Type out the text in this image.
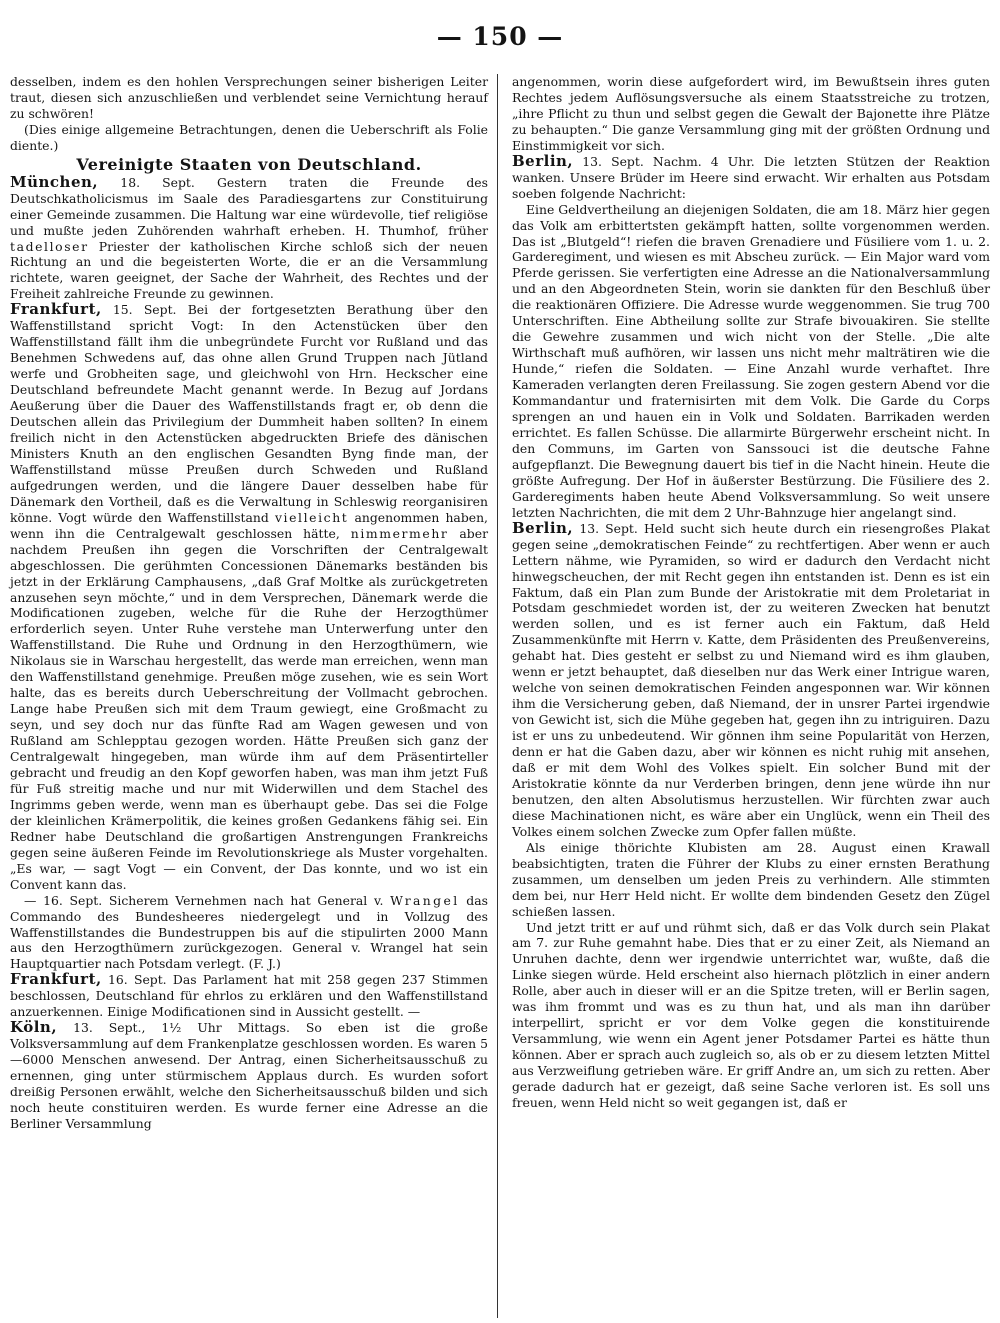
— 150 —

desselben, indem es den hohlen Versprechungen seiner bisherigen Leiter traut, diesen sich anzuschließen und verblendet seine Vernichtung herauf zu schwören!

(Dies einige allgemeine Betrachtungen, denen die Ueberschrift als Folie diente.)

Vereinigte Staaten von Deutschland.

München, 18. Sept. Gestern traten die Freunde des Deutschkatholicismus im Saale des Paradiesgartens zur Constituirung einer Gemeinde zusammen. Die Haltung war eine würdevolle, tief religiöse und mußte jeden Zuhörenden wahrhaft erheben. H. Thumhof, früher tadelloser Priester der katholischen Kirche schloß sich der neuen Richtung an und die begeisterten Worte, die er an die Versammlung richtete, waren geeignet, der Sache der Wahrheit, des Rechtes und der Freiheit zahlreiche Freunde zu gewinnen.

Frankfurt, 15. Sept. Bei der fortgesetzten Berathung über den Waffenstillstand spricht Vogt: In den Actenstücken über den Waffenstillstand fällt ihm die unbegründete Furcht vor Rußland und das Benehmen Schwedens auf, das ohne allen Grund Truppen nach Jütland werfe und Grobheiten sage, und gleichwohl von Hrn. Heckscher eine Deutschland befreundete Macht genannt werde. In Bezug auf Jordans Aeußerung über die Dauer des Waffenstillstands fragt er, ob denn die Deutschen allein das Privilegium der Dummheit haben sollten? In einem freilich nicht in den Actenstücken abgedruckten Briefe des dänischen Ministers Knuth an den englischen Gesandten Byng finde man, der Waffenstillstand müsse Preußen durch Schweden und Rußland aufgedrungen werden, und die längere Dauer desselben habe für Dänemark den Vortheil, daß es die Verwaltung in Schleswig reorganisiren könne. Vogt würde den Waffenstillstand vielleicht angenommen haben, wenn ihn die Centralgewalt geschlossen hätte, nimmermehr aber nachdem Preußen ihn gegen die Vorschriften der Centralgewalt abgeschlossen. Die gerühmten Concessionen Dänemarks beständen bis jetzt in der Erklärung Camphausens, „daß Graf Moltke als zurückgetreten anzusehen seyn möchte,“ und in dem Versprechen, Dänemark werde die Modificationen zugeben, welche für die Ruhe der Herzogthümer erforderlich seyen. Unter Ruhe verstehe man Unterwerfung unter den Waffenstillstand. Die Ruhe und Ordnung in den Herzogthümern, wie Nikolaus sie in Warschau hergestellt, das werde man erreichen, wenn man den Waffenstillstand genehmige. Preußen möge zusehen, wie es sein Wort halte, das es bereits durch Ueberschreitung der Vollmacht gebrochen. Lange habe Preußen sich mit dem Traum gewiegt, eine Großmacht zu seyn, und sey doch nur das fünfte Rad am Wagen gewesen und von Rußland am Schlepptau gezogen worden. Hätte Preußen sich ganz der Centralgewalt hingegeben, man würde ihm auf dem Präsentirteller gebracht und freudig an den Kopf geworfen haben, was man ihm jetzt Fuß für Fuß streitig mache und nur mit Widerwillen und dem Stachel des Ingrimms geben werde, wenn man es überhaupt gebe. Das sei die Folge der kleinlichen Krämerpolitik, die keines großen Gedankens fähig sei. Ein Redner habe Deutschland die großartigen Anstrengungen Frankreichs gegen seine äußeren Feinde im Revolutionskriege als Muster vorgehalten. „Es war, — sagt Vogt — ein Convent, der Das konnte, und wo ist ein Convent kann das.

— 16. Sept. Sicherem Vernehmen nach hat General v. Wrangel das Commando des Bundesheeres niedergelegt und in Vollzug des Waffenstillstandes die Bundestruppen bis auf die stipulirten 2000 Mann aus den Herzogthümern zurückgezogen. General v. Wrangel hat sein Hauptquartier nach Potsdam verlegt. (F. J.)

Frankfurt, 16. Sept. Das Parlament hat mit 258 gegen 237 Stimmen beschlossen, Deutschland für ehrlos zu erklären und den Waffenstillstand anzuerkennen. Einige Modificationen sind in Aussicht gestellt. —

Köln, 13. Sept., 1½ Uhr Mittags. So eben ist die große Volksversammlung auf dem Frankenplatze geschlossen worden. Es waren 5—6000 Menschen anwesend. Der Antrag, einen Sicherheitsausschuß zu ernennen, ging unter stürmischem Applaus durch. Es wurden sofort dreißig Personen erwählt, welche den Sicherheitsausschuß bilden und sich noch heute constituiren werden. Es wurde ferner eine Adresse an die Berliner Versammlung

angenommen, worin diese aufgefordert wird, im Bewußtsein ihres guten Rechtes jedem Auflösungsversuche als einem Staatsstreiche zu trotzen, „ihre Pflicht zu thun und selbst gegen die Gewalt der Bajonette ihre Plätze zu behaupten.“ Die ganze Versammlung ging mit der größten Ordnung und Einstimmigkeit vor sich.

Berlin, 13. Sept. Nachm. 4 Uhr. Die letzten Stützen der Reaktion wanken. Unsere Brüder im Heere sind erwacht. Wir erhalten aus Potsdam soeben folgende Nachricht:

Eine Geldvertheilung an diejenigen Soldaten, die am 18. März hier gegen das Volk am erbittertsten gekämpft hatten, sollte vorgenommen werden. Das ist „Blutgeld“! riefen die braven Grenadiere und Füsiliere vom 1. u. 2. Garderegiment, und wiesen es mit Abscheu zurück. — Ein Major ward vom Pferde gerissen. Sie verfertigten eine Adresse an die Nationalversammlung und an den Abgeordneten Stein, worin sie dankten für den Beschluß über die reaktionären Offiziere. Die Adresse wurde weggenommen. Sie trug 700 Unterschriften. Eine Abtheilung sollte zur Strafe bivouakiren. Sie stellte die Gewehre zusammen und wich nicht von der Stelle. „Die alte Wirthschaft muß aufhören, wir lassen uns nicht mehr malträtiren wie die Hunde,“ riefen die Soldaten. — Eine Anzahl wurde verhaftet. Ihre Kameraden verlangten deren Freilassung. Sie zogen gestern Abend vor die Kommandantur und fraternisirten mit dem Volk. Die Garde du Corps sprengen an und hauen ein in Volk und Soldaten. Barrikaden werden errichtet. Es fallen Schüsse. Die allarmirte Bürgerwehr erscheint nicht. In den Communs, im Garten von Sanssouci ist die deutsche Fahne aufgepflanzt. Die Bewegnung dauert bis tief in die Nacht hinein. Heute die größte Aufregung. Der Hof in äußerster Bestürzung. Die Füsiliere des 2. Garderegiments haben heute Abend Volksversammlung. So weit unsere letzten Nachrichten, die mit dem 2 Uhr-Bahnzuge hier angelangt sind.

Berlin, 13. Sept. Held sucht sich heute durch ein riesengroßes Plakat gegen seine „demokratischen Feinde“ zu rechtfertigen. Aber wenn er auch Lettern nähme, wie Pyramiden, so wird er dadurch den Verdacht nicht hinwegscheuchen, der mit Recht gegen ihn entstanden ist. Denn es ist ein Faktum, daß ein Plan zum Bunde der Aristokratie mit dem Proletariat in Potsdam geschmiedet worden ist, der zu weiteren Zwecken hat benutzt werden sollen, und es ist ferner auch ein Faktum, daß Held Zusammenkünfte mit Herrn v. Katte, dem Präsidenten des Preußenvereins, gehabt hat. Dies gesteht er selbst zu und Niemand wird es ihm glauben, wenn er jetzt behauptet, daß dieselben nur das Werk einer Intrigue waren, welche von seinen demokratischen Feinden angesponnen war. Wir können ihm die Versicherung geben, daß Niemand, der in unsrer Partei irgendwie von Gewicht ist, sich die Mühe gegeben hat, gegen ihn zu intriguiren. Dazu ist er uns zu unbedeutend. Wir gönnen ihm seine Popularität von Herzen, denn er hat die Gaben dazu, aber wir können es nicht ruhig mit ansehen, daß er mit dem Wohl des Volkes spielt. Ein solcher Bund mit der Aristokratie könnte da nur Verderben bringen, denn jene würde ihn nur benutzen, den alten Absolutismus herzustellen. Wir fürchten zwar auch diese Machinationen nicht, es wäre aber ein Unglück, wenn ein Theil des Volkes einem solchen Zwecke zum Opfer fallen müßte.

Als einige thörichte Klubisten am 28. August einen Krawall beabsichtigten, traten die Führer der Klubs zu einer ernsten Berathung zusammen, um denselben um jeden Preis zu verhindern. Alle stimmten dem bei, nur Herr Held nicht. Er wollte dem bindenden Gesetz den Zügel schießen lassen.

Und jetzt tritt er auf und rühmt sich, daß er das Volk durch sein Plakat am 7. zur Ruhe gemahnt habe. Dies that er zu einer Zeit, als Niemand an Unruhen dachte, denn wer irgendwie unterrichtet war, wußte, daß die Linke siegen würde. Held erscheint also hiernach plötzlich in einer andern Rolle, aber auch in dieser will er an die Spitze treten, will er Berlin sagen, was ihm frommt und was es zu thun hat, und als man ihn darüber interpellirt, spricht er vor dem Volke gegen die konstituirende Versammlung, wie wenn ein Agent jener Potsdamer Partei es hätte thun können. Aber er sprach auch zugleich so, als ob er zu diesem letzten Mittel aus Verzweiflung getrieben wäre. Er griff Andre an, um sich zu retten. Aber gerade dadurch hat er gezeigt, daß seine Sache verloren ist. Es soll uns freuen, wenn Held nicht so weit gegangen ist, daß er
